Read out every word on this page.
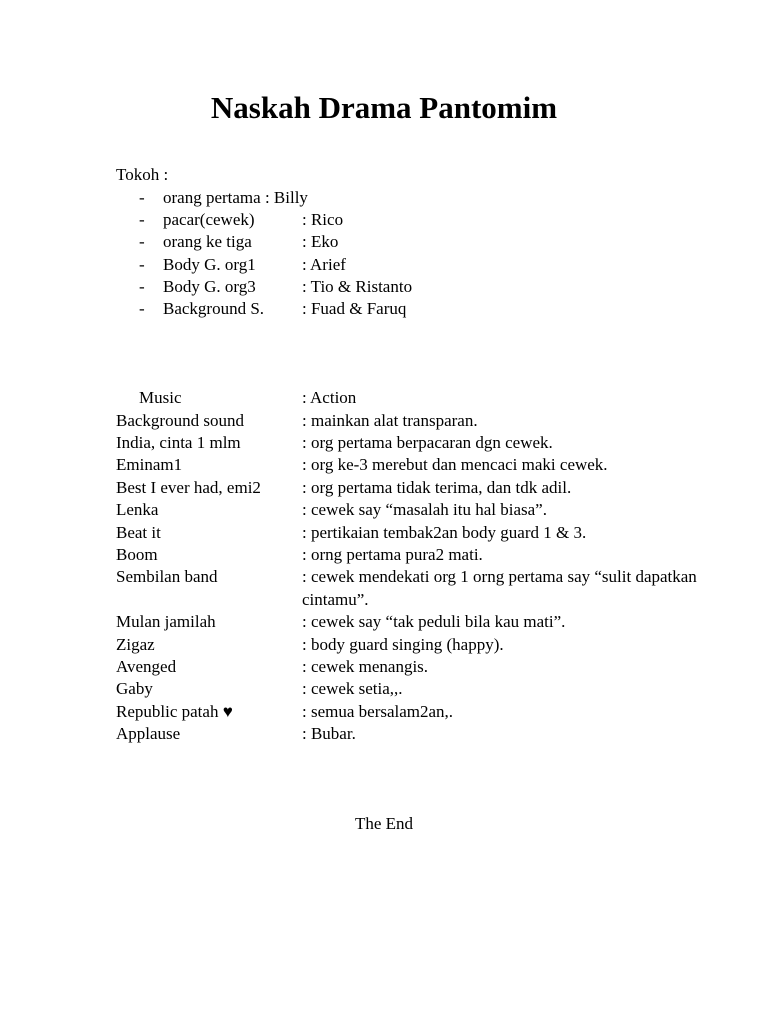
Naskah Drama Pantomim
Tokoh :
- orang pertama : Billy
- pacar(cewek)	: Rico
- orang ke tiga	: Eko
- Body G. org1	: Arief
- Body G. org3	: Tio & Ristanto
- Background S. : Fuad & Faruq
Music	: Action
Background sound	: mainkan alat transparan.
India, cinta 1 mlm	: org pertama berpacaran dgn cewek.
Eminam1	: org ke-3 merebut dan mencaci maki cewek.
Best I ever had, emi2 : org pertama tidak terima, dan tdk adil.
Lenka	: cewek say “masalah itu hal biasa”.
Beat it	: pertikaian tembak2an body guard 1 & 3.
Boom	: orng pertama pura2 mati.
Sembilan band	: cewek mendekati org 1 orng pertama say “sulit dapatkan cintamu”.
Mulan jamilah	: cewek say “tak peduli bila kau mati”.
Zigaz	: body guard singing (happy).
Avenged	: cewek menangis.
Gaby	: cewek setia,,.
Republic patah ♥	: semua bersalam2an,.
Applause	: Bubar.
The End
